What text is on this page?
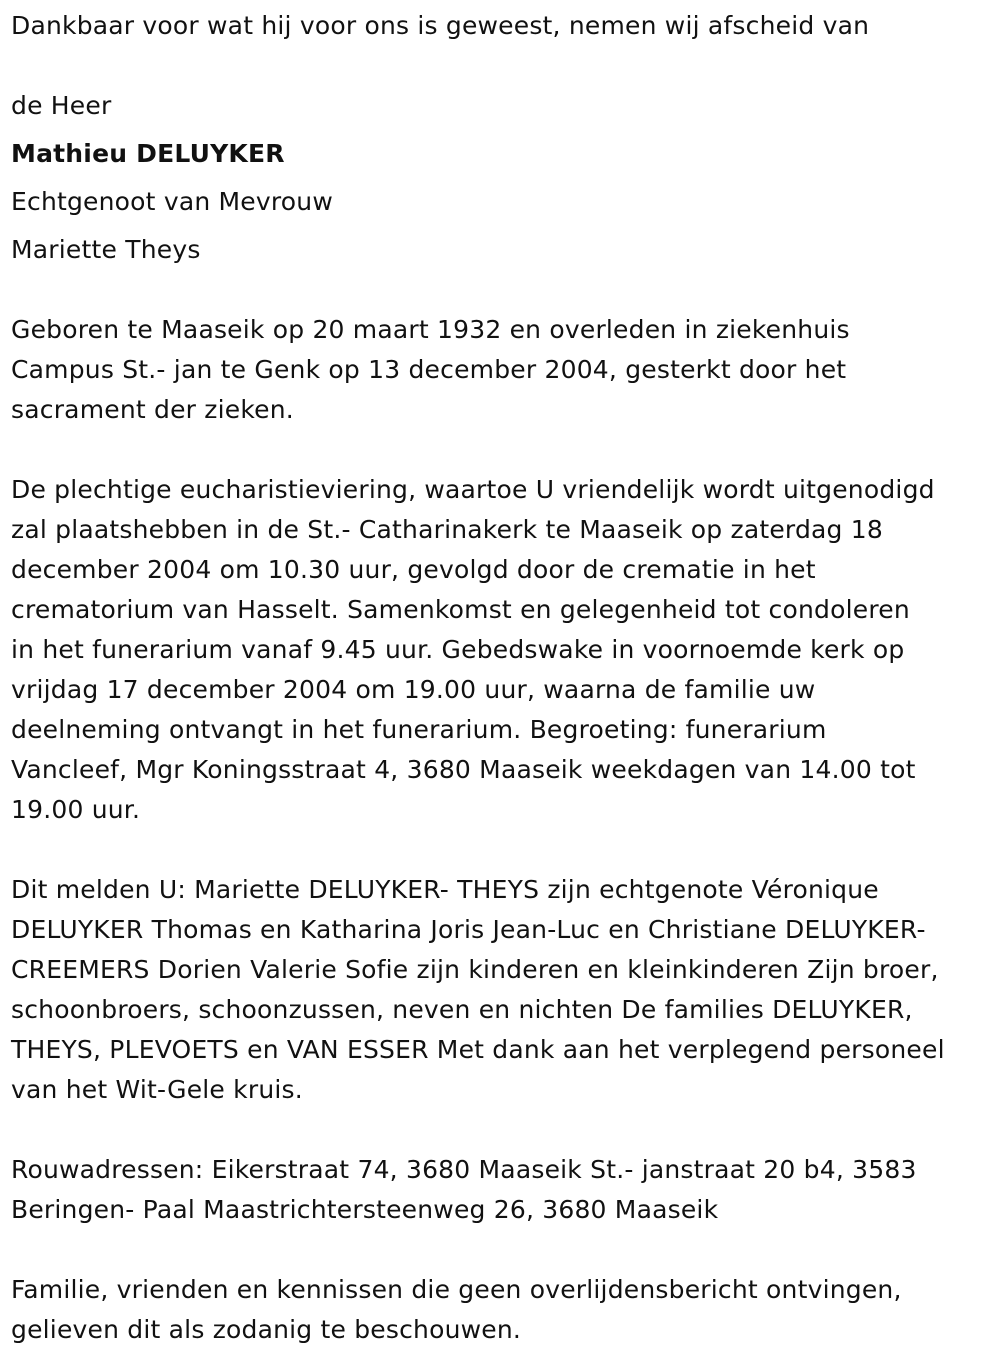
Dankbaar voor wat hij voor ons is geweest, nemen wij afscheid van

de Heer

Mathieu DELUYKER

Echtgenoot van Mevrouw

Mariette Theys

Geboren te Maaseik op 20 maart 1932 en overleden in ziekenhuis

Campus St.- jan te Genk op 13 december 2004, gesterkt door het

sacrament der zieken.

De plechtige eucharistieviering, waartoe U vriendelijk wordt uitgenodigd

zal plaatshebben in de St.- Catharinakerk te Maaseik op zaterdag 18

december 2004 om 10.30 uur, gevolgd door de crematie in het

crematorium van Hasselt. Samenkomst en gelegenheid tot condoleren

in het funerarium vanaf 9.45 uur. Gebedswake in voornoemde kerk op

vrijdag 17 december 2004 om 19.00 uur, waarna de familie uw

deelneming ontvangt in het funerarium. Begroeting: funerarium

Vancleef, Mgr Koningsstraat 4, 3680 Maaseik weekdagen van 14.00 tot

19.00 uur.

Dit melden U: Mariette DELUYKER- THEYS zijn echtgenote Véronique

DELUYKER Thomas en Katharina Joris Jean-Luc en Christiane DELUYKER-

CREEMERS Dorien Valerie Sofie zijn kinderen en kleinkinderen Zijn broer,

schoonbroers, schoonzussen, neven en nichten De families DELUYKER,

THEYS, PLEVOETS en VAN ESSER Met dank aan het verplegend personeel

van het Wit-Gele kruis.

Rouwadressen: Eikerstraat 74, 3680 Maaseik St.- janstraat 20 b4, 3583

Beringen- Paal Maastrichtersteenweg 26, 3680 Maaseik

Familie, vrienden en kennissen die geen overlijdensbericht ontvingen,

gelieven dit als zodanig te beschouwen.
